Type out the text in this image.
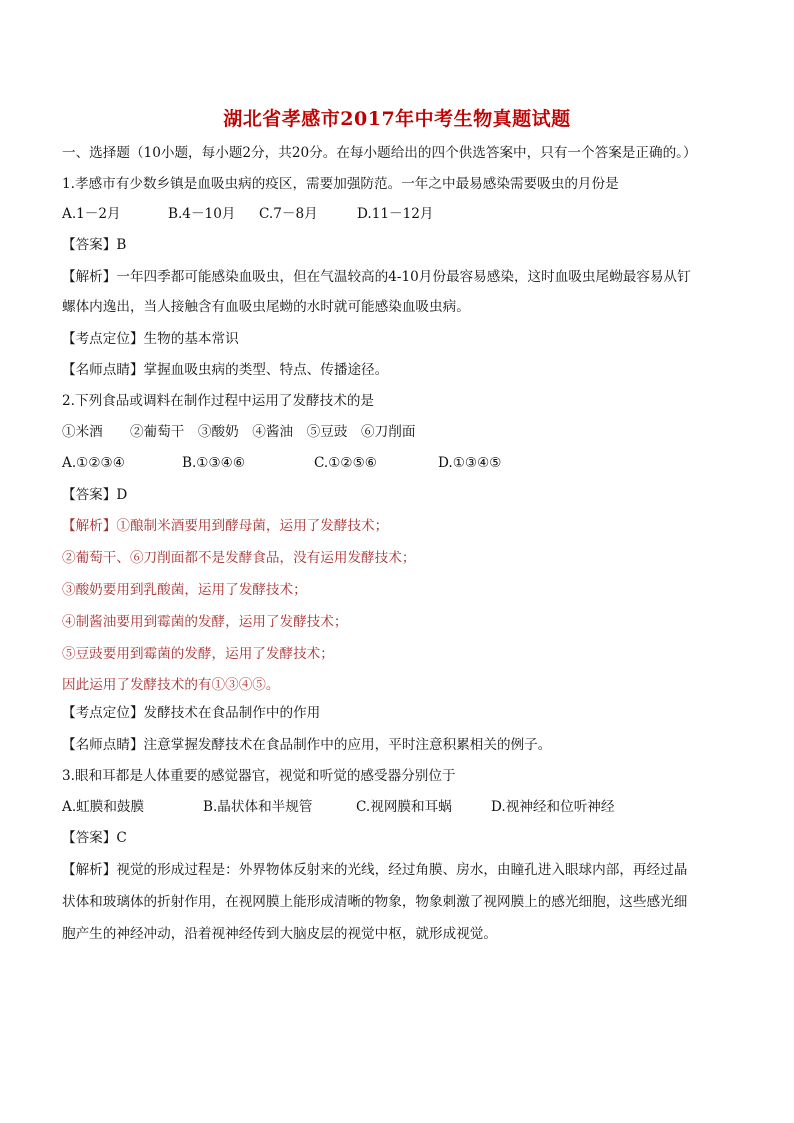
湖北省孝感市2017年中考生物真题试题
一、选择题（10小题，每小题2分，共20分。在每小题给出的四个供选答案中，只有一个答案是正确的。）
1.孝感市有少数乡镇是血吸虫病的疫区，需要加强防范。一年之中最易感染需要吸虫的月份是
A.1－2月	B.4－10月 C.7－8月	D.11－12月
【答案】B
【解析】一年四季都可能感染血吸虫，但在气温较高的4-10月份最容易感染，这时血吸虫尾蚴最容易从钉
螺体内逸出，当人接触含有血吸虫尾蚴的水时就可能感染血吸虫病。
【考点定位】生物的基本常识
【名师点睛】掌握血吸虫病的类型、特点、传播途径。
2.下列食品或调料在制作过程中运用了发酵技术的是
①米酒　　②葡萄干　③酸奶　④酱油　⑤豆豉　⑥刀削面
A.①②③④	B.①③④⑥	C.①②⑤⑥	D.①③④⑤
【答案】D
【解析】①酿制米酒要用到酵母菌，运用了发酵技术；
②葡萄干、⑥刀削面都不是发酵食品，没有运用发酵技术；
③酸奶要用到乳酸菌，运用了发酵技术；
④制酱油要用到霉菌的发酵，运用了发酵技术；
⑤豆豉要用到霉菌的发酵，运用了发酵技术；
因此运用了发酵技术的有①③④⑤。
【考点定位】发酵技术在食品制作中的作用
【名师点睛】注意掌握发酵技术在食品制作中的应用，平时注意积累相关的例子。
3.眼和耳都是人体重要的感觉器官，视觉和听觉的感受器分别位于
A.虹膜和鼓膜	B.晶状体和半规管	C.视网膜和耳蜗	D.视神经和位听神经
【答案】C
【解析】视觉的形成过程是：外界物体反射来的光线，经过角膜、房水，由瞳孔进入眼球内部，再经过晶
状体和玻璃体的折射作用，在视网膜上能形成清晰的物象，物象刺激了视网膜上的感光细胞，这些感光细
胞产生的神经冲动，沿着视神经传到大脑皮层的视觉中枢，就形成视觉。
